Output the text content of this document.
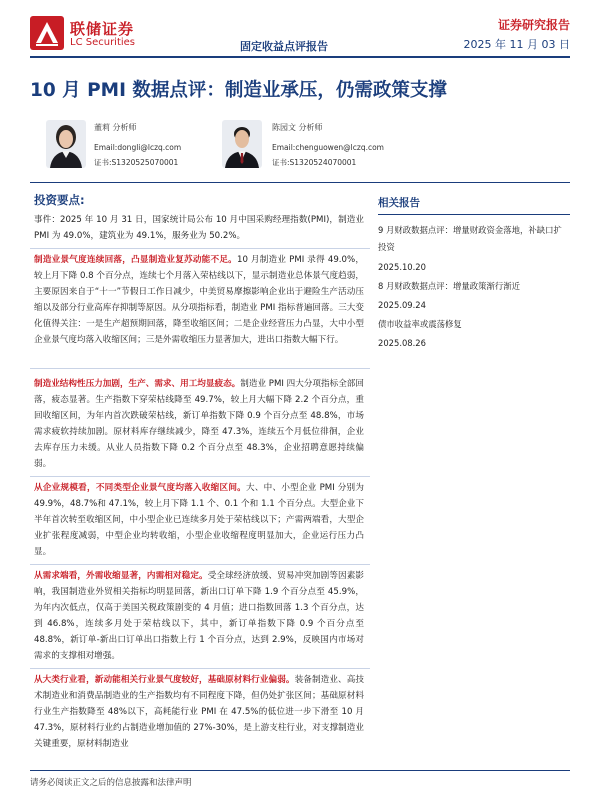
联储证券
LC Securities	固定收益点评报告
证券研究报告
2025 年 11 月 03 日
10 月 PMI 数据点评：制造业承压，仍需政策支撑
董莉 分析师
Email:dongli@lczq.com
证书:S1320525070001
陈园文 分析师
Email:chenguowen@lczq.com
证书:S1320524070001
投资要点:
事件：2025 年 10 月 31 日，国家统计局公布 10 月中国采购经理指数(PMI)，制造业 PMI 为 49.0%，建筑业为 49.1%，服务业为 50.2%。
制造业景气度连续回落，凸显制造业复苏动能不足。10 月制造业 PMI 录得 49.0%，较上月下降 0.8 个百分点，连续七个月落入荣枯线以下，显示制造业总体景气度趋弱，主要原因来自于“十一”节假日工作日减少，中美贸易摩擦影响企业出于避险生产活动压缩以及部分行业高库存抑制等原因。从分项指标看，制造业 PMI 指标普遍回落。三大变化值得关注：一是生产超预期回落，降至收缩区间；二是企业经营压力凸显，大中小型企业景气度均落入收缩区间；三是外需收缩压力显著加大，进出口指数大幅下行。
制造业结构性压力加剧，生产、需求、用工均显疲态。制造业 PMI 四大分项指标全部回落，疲态显著。生产指数下穿荣枯线降至 49.7%，较上月大幅下降 2.2 个百分点，重回收缩区间，为年内首次跌破荣枯线，新订单指数下降 0.9 个百分点至 48.8%，市场需求疲软持续加剧。原材料库存继续减少，降至 47.3%，连续五个月低位徘徊，企业去库存压力未缓。从业人员指数下降 0.2 个百分点至 48.3%，企业招聘意愿持续偏弱。
从企业规模看，不同类型企业景气度均落入收缩区间。大、中、小型企业 PMI 分别为 49.9%，48.7%和 47.1%，较上月下降 1.1 个、0.1 个和 1.1 个百分点。大型企业下半年首次转至收缩区间，中小型企业已连续多月处于荣枯线以下；产需两端看，大型企业扩张程度减弱，中型企业均转收缩，小型企业收缩程度明显加大，企业运行压力凸显。
从需求端看，外需收缩显著，内需相对稳定。受全球经济放缓、贸易冲突加剧等因素影响，我国制造业外贸相关指标均明显回落，新出口订单下降 1.9 个百分点至 45.9%，为年内次低点，仅高于美国关税政策剧变的 4 月值；进口指数回落 1.3 个百分点，达到 46.8%，连续多月处于荣枯线以下，其中，新订单指数下降 0.9 个百分点至 48.8%，新订单-新出口订单出口指数上行 1 个百分点，达到 2.9%，反映国内市场对需求的支撑相对增强。
从大类行业看，新动能相关行业景气度较好，基础原材料行业偏弱。装备制造业、高技术制造业和消费品制造业的生产指数均有不同程度下降，但仍处扩张区间；基础原材料行业生产指数降至 48%以下，高耗能行业 PMI 在 47.5%的低位进一步下滑至 10 月 47.3%，原材料行业约占制造业增加值的 27%-30%，是上游支柱行业，对支撑制造业关键重要，原材料制造业
相关报告
9 月财政数据点评：增量财政资金落地，补缺口扩投资
2025.10.20
8 月财政数据点评：增量政策渐行渐近
2025.09.24
债市收益率或震荡修复
2025.08.26
请务必阅读正文之后的信息披露和法律声明
